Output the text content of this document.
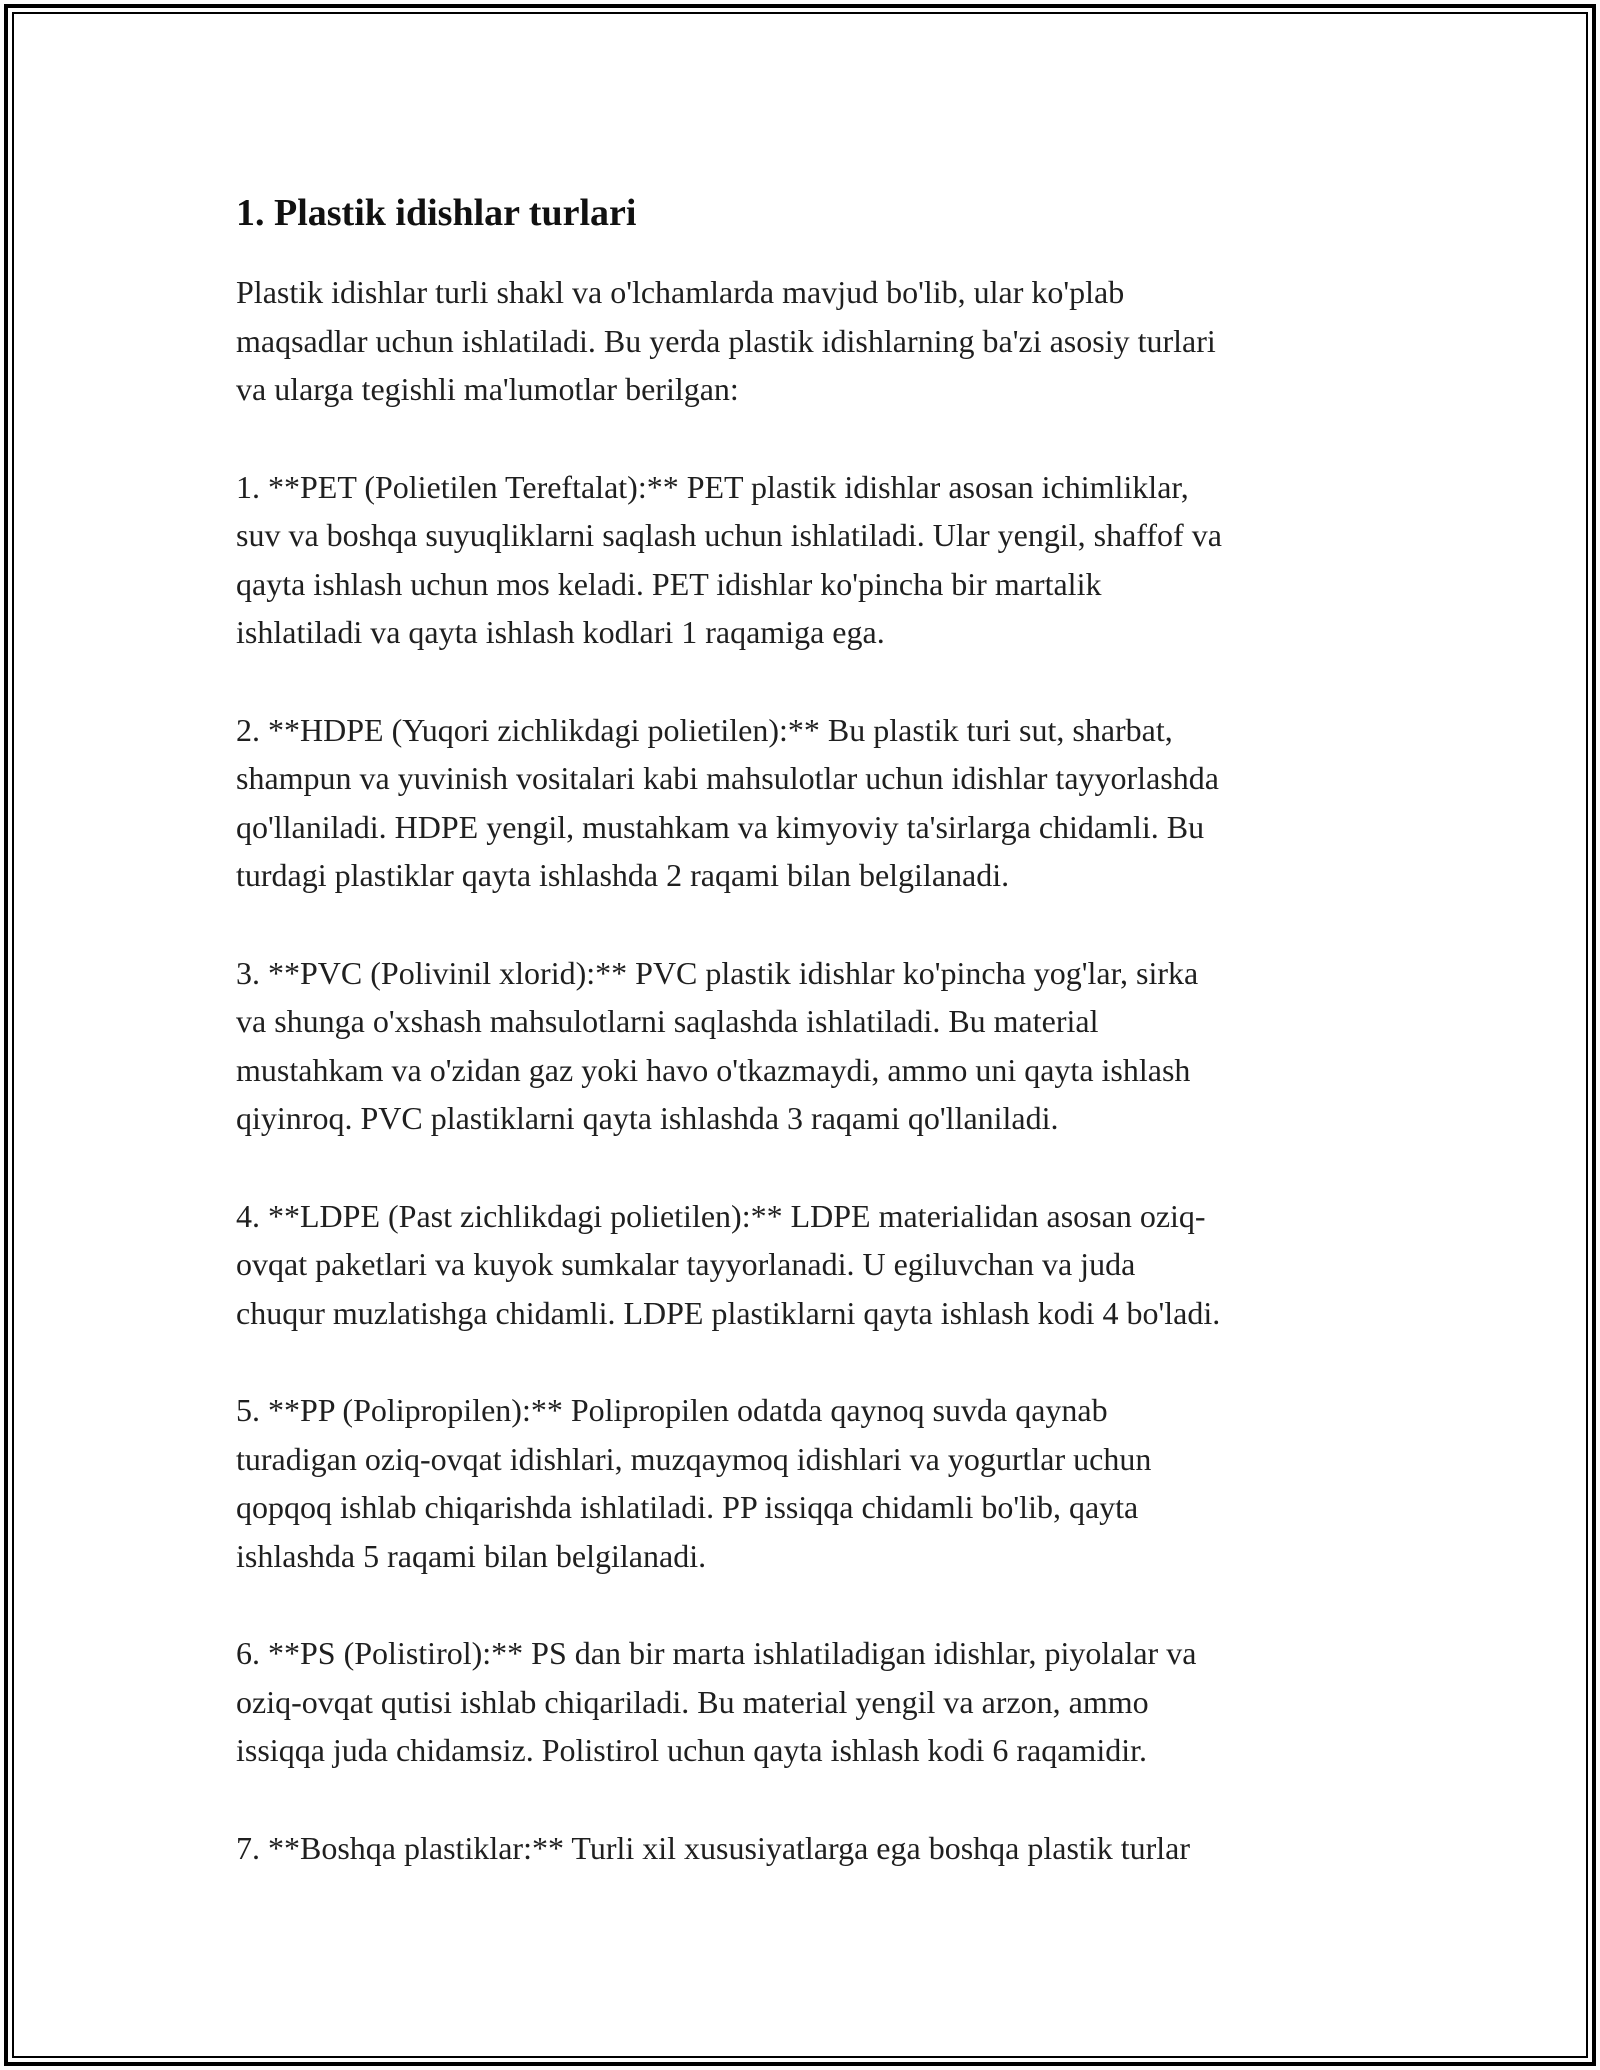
1. Plastik idishlar turlari

Plastik idishlar turli shakl va o'lchamlarda mavjud bo'lib, ular ko'plab
maqsadlar uchun ishlatiladi. Bu yerda plastik idishlarning ba'zi asosiy turlari
va ularga tegishli ma'lumotlar berilgan:

1. **PET (Polietilen Tereftalat):** PET plastik idishlar asosan ichimliklar,
suv va boshqa suyuqliklarni saqlash uchun ishlatiladi. Ular yengil, shaffof va
qayta ishlash uchun mos keladi. PET idishlar ko'pincha bir martalik
ishlatiladi va qayta ishlash kodlari 1 raqamiga ega.

2. **HDPE (Yuqori zichlikdagi polietilen):** Bu plastik turi sut, sharbat,
shampun va yuvinish vositalari kabi mahsulotlar uchun idishlar tayyorlashda
qo'llaniladi. HDPE yengil, mustahkam va kimyoviy ta'sirlarga chidamli. Bu
turdagi plastiklar qayta ishlashda 2 raqami bilan belgilanadi.

3. **PVC (Polivinil xlorid):** PVC plastik idishlar ko'pincha yog'lar, sirka
va shunga o'xshash mahsulotlarni saqlashda ishlatiladi. Bu material
mustahkam va o'zidan gaz yoki havo o'tkazmaydi, ammo uni qayta ishlash
qiyinroq. PVC plastiklarni qayta ishlashda 3 raqami qo'llaniladi.

4. **LDPE (Past zichlikdagi polietilen):** LDPE materialidan asosan oziq-
ovqat paketlari va kuyok sumkalar tayyorlanadi. U egiluvchan va juda
chuqur muzlatishga chidamli. LDPE plastiklarni qayta ishlash kodi 4 bo'ladi.

5. **PP (Polipropilen):** Polipropilen odatda qaynoq suvda qaynab
turadigan oziq-ovqat idishlari, muzqaymoq idishlari va yogurtlar uchun
qopqoq ishlab chiqarishda ishlatiladi. PP issiqqa chidamli bo'lib, qayta
ishlashda 5 raqami bilan belgilanadi.

6. **PS (Polistirol):** PS dan bir marta ishlatiladigan idishlar, piyolalar va
oziq-ovqat qutisi ishlab chiqariladi. Bu material yengil va arzon, ammo
issiqqa juda chidamsiz. Polistirol uchun qayta ishlash kodi 6 raqamidir.

7. **Boshqa plastiklar:** Turli xil xususiyatlarga ega boshqa plastik turlar
